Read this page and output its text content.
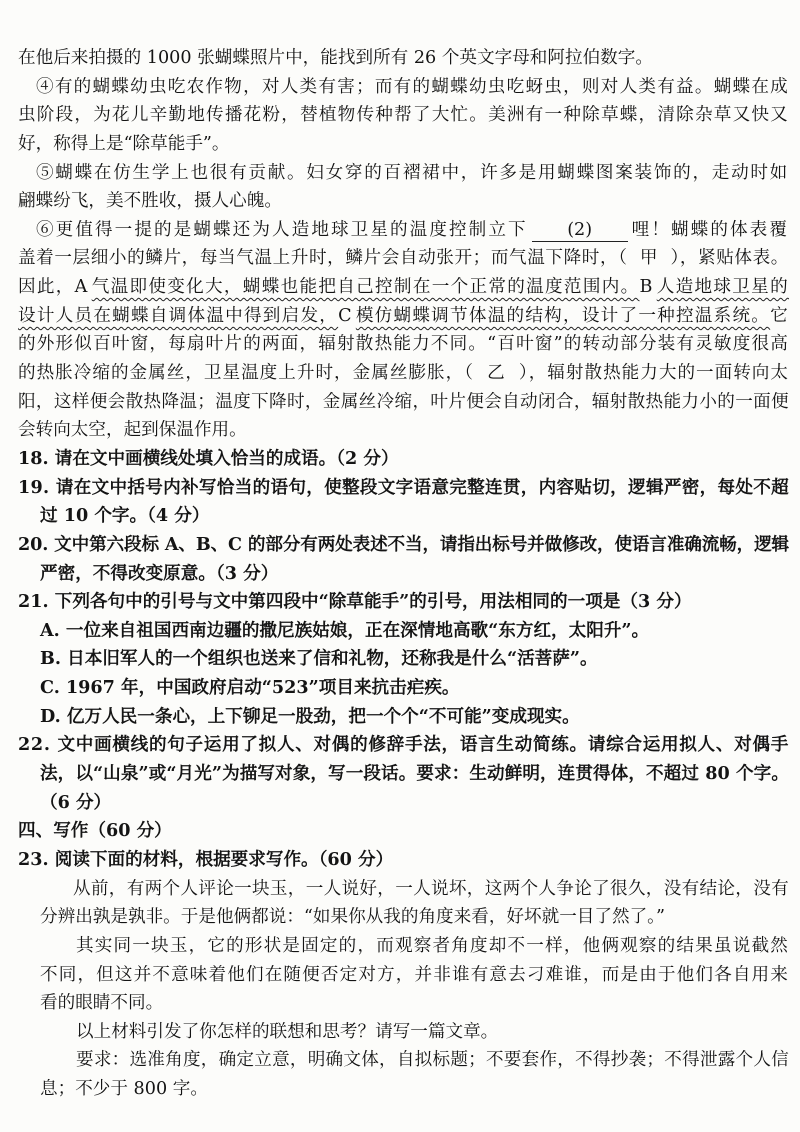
在他后来拍摄的 1000 张蝴蝶照片中，能找到所有 26 个英文字母和阿拉伯数字。
④有的蝴蝶幼虫吃农作物，对人类有害；而有的蝴蝶幼虫吃蚜虫，则对人类有益。蝴蝶在成
虫阶段，为花儿辛勤地传播花粉，替植物传种帮了大忙。美洲有一种除草蝶，清除杂草又快又
好，称得上是“除草能手”。
⑤蝴蝶在仿生学上也很有贡献。妇女穿的百褶裙中，许多是用蝴蝶图案装饰的，走动时如
翩蝶纷飞，美不胜收，摄人心魄。
⑥更值得一提的是蝴蝶还为人造地球卫星的温度控制立下 (2) 哩！蝴蝶的体表覆
盖着一层细小的鳞片，每当气温上升时，鳞片会自动张开；而气温下降时，（  甲  ），紧贴体表。
因此，A 气温即使变化大，蝴蝶也能把自己控制在一个正常的温度范围内。B 人造地球卫星的
设计人员在蝴蝶自调体温中得到启发，C 模仿蝴蝶调节体温的结构，设计了一种控温系统。它
的外形似百叶窗，每扇叶片的两面，辐射散热能力不同。“百叶窗”的转动部分装有灵敏度很高
的热胀冷缩的金属丝，卫星温度上升时，金属丝膨胀，（  乙  ），辐射散热能力大的一面转向太
阳，这样便会散热降温；温度下降时，金属丝冷缩，叶片便会自动闭合，辐射散热能力小的一面便
会转向太空，起到保温作用。
18. 请在文中画横线处填入恰当的成语。（2 分）
19. 请在文中括号内补写恰当的语句，使整段文字语意完整连贯，内容贴切，逻辑严密，每处不超
过 10 个字。（4 分）
20. 文中第六段标 A、B、C 的部分有两处表述不当，请指出标号并做修改，使语言准确流畅，逻辑
严密，不得改变原意。（3 分）
21. 下列各句中的引号与文中第四段中“除草能手”的引号，用法相同的一项是（3 分）
A. 一位来自祖国西南边疆的撒尼族姑娘，正在深情地高歌“东方红，太阳升”。
B. 日本旧军人的一个组织也送来了信和礼物，还称我是什么“活菩萨”。
C. 1967 年，中国政府启动“523”项目来抗击疟疾。
D. 亿万人民一条心，上下铆足一股劲，把一个个“不可能”变成现实。
22. 文中画横线的句子运用了拟人、对偶的修辞手法，语言生动简练。请综合运用拟人、对偶手
法，以“山泉”或“月光”为描写对象，写一段话。要求：生动鲜明，连贯得体，不超过 80 个字。
（6 分）
四、写作（60 分）
23. 阅读下面的材料，根据要求写作。（60 分）
从前，有两个人评论一块玉，一人说好，一人说坏，这两个人争论了很久，没有结论，没有
分辨出孰是孰非。于是他俩都说：“如果你从我的角度来看，好坏就一目了然了。”
其实同一块玉，它的形状是固定的，而观察者角度却不一样，他俩观察的结果虽说截然
不同，但这并不意味着他们在随便否定对方，并非谁有意去刁难谁，而是由于他们各自用来
看的眼睛不同。
以上材料引发了你怎样的联想和思考？请写一篇文章。
要求：选准角度，确定立意，明确文体，自拟标题；不要套作，不得抄袭；不得泄露个人信
息；不少于 800 字。
